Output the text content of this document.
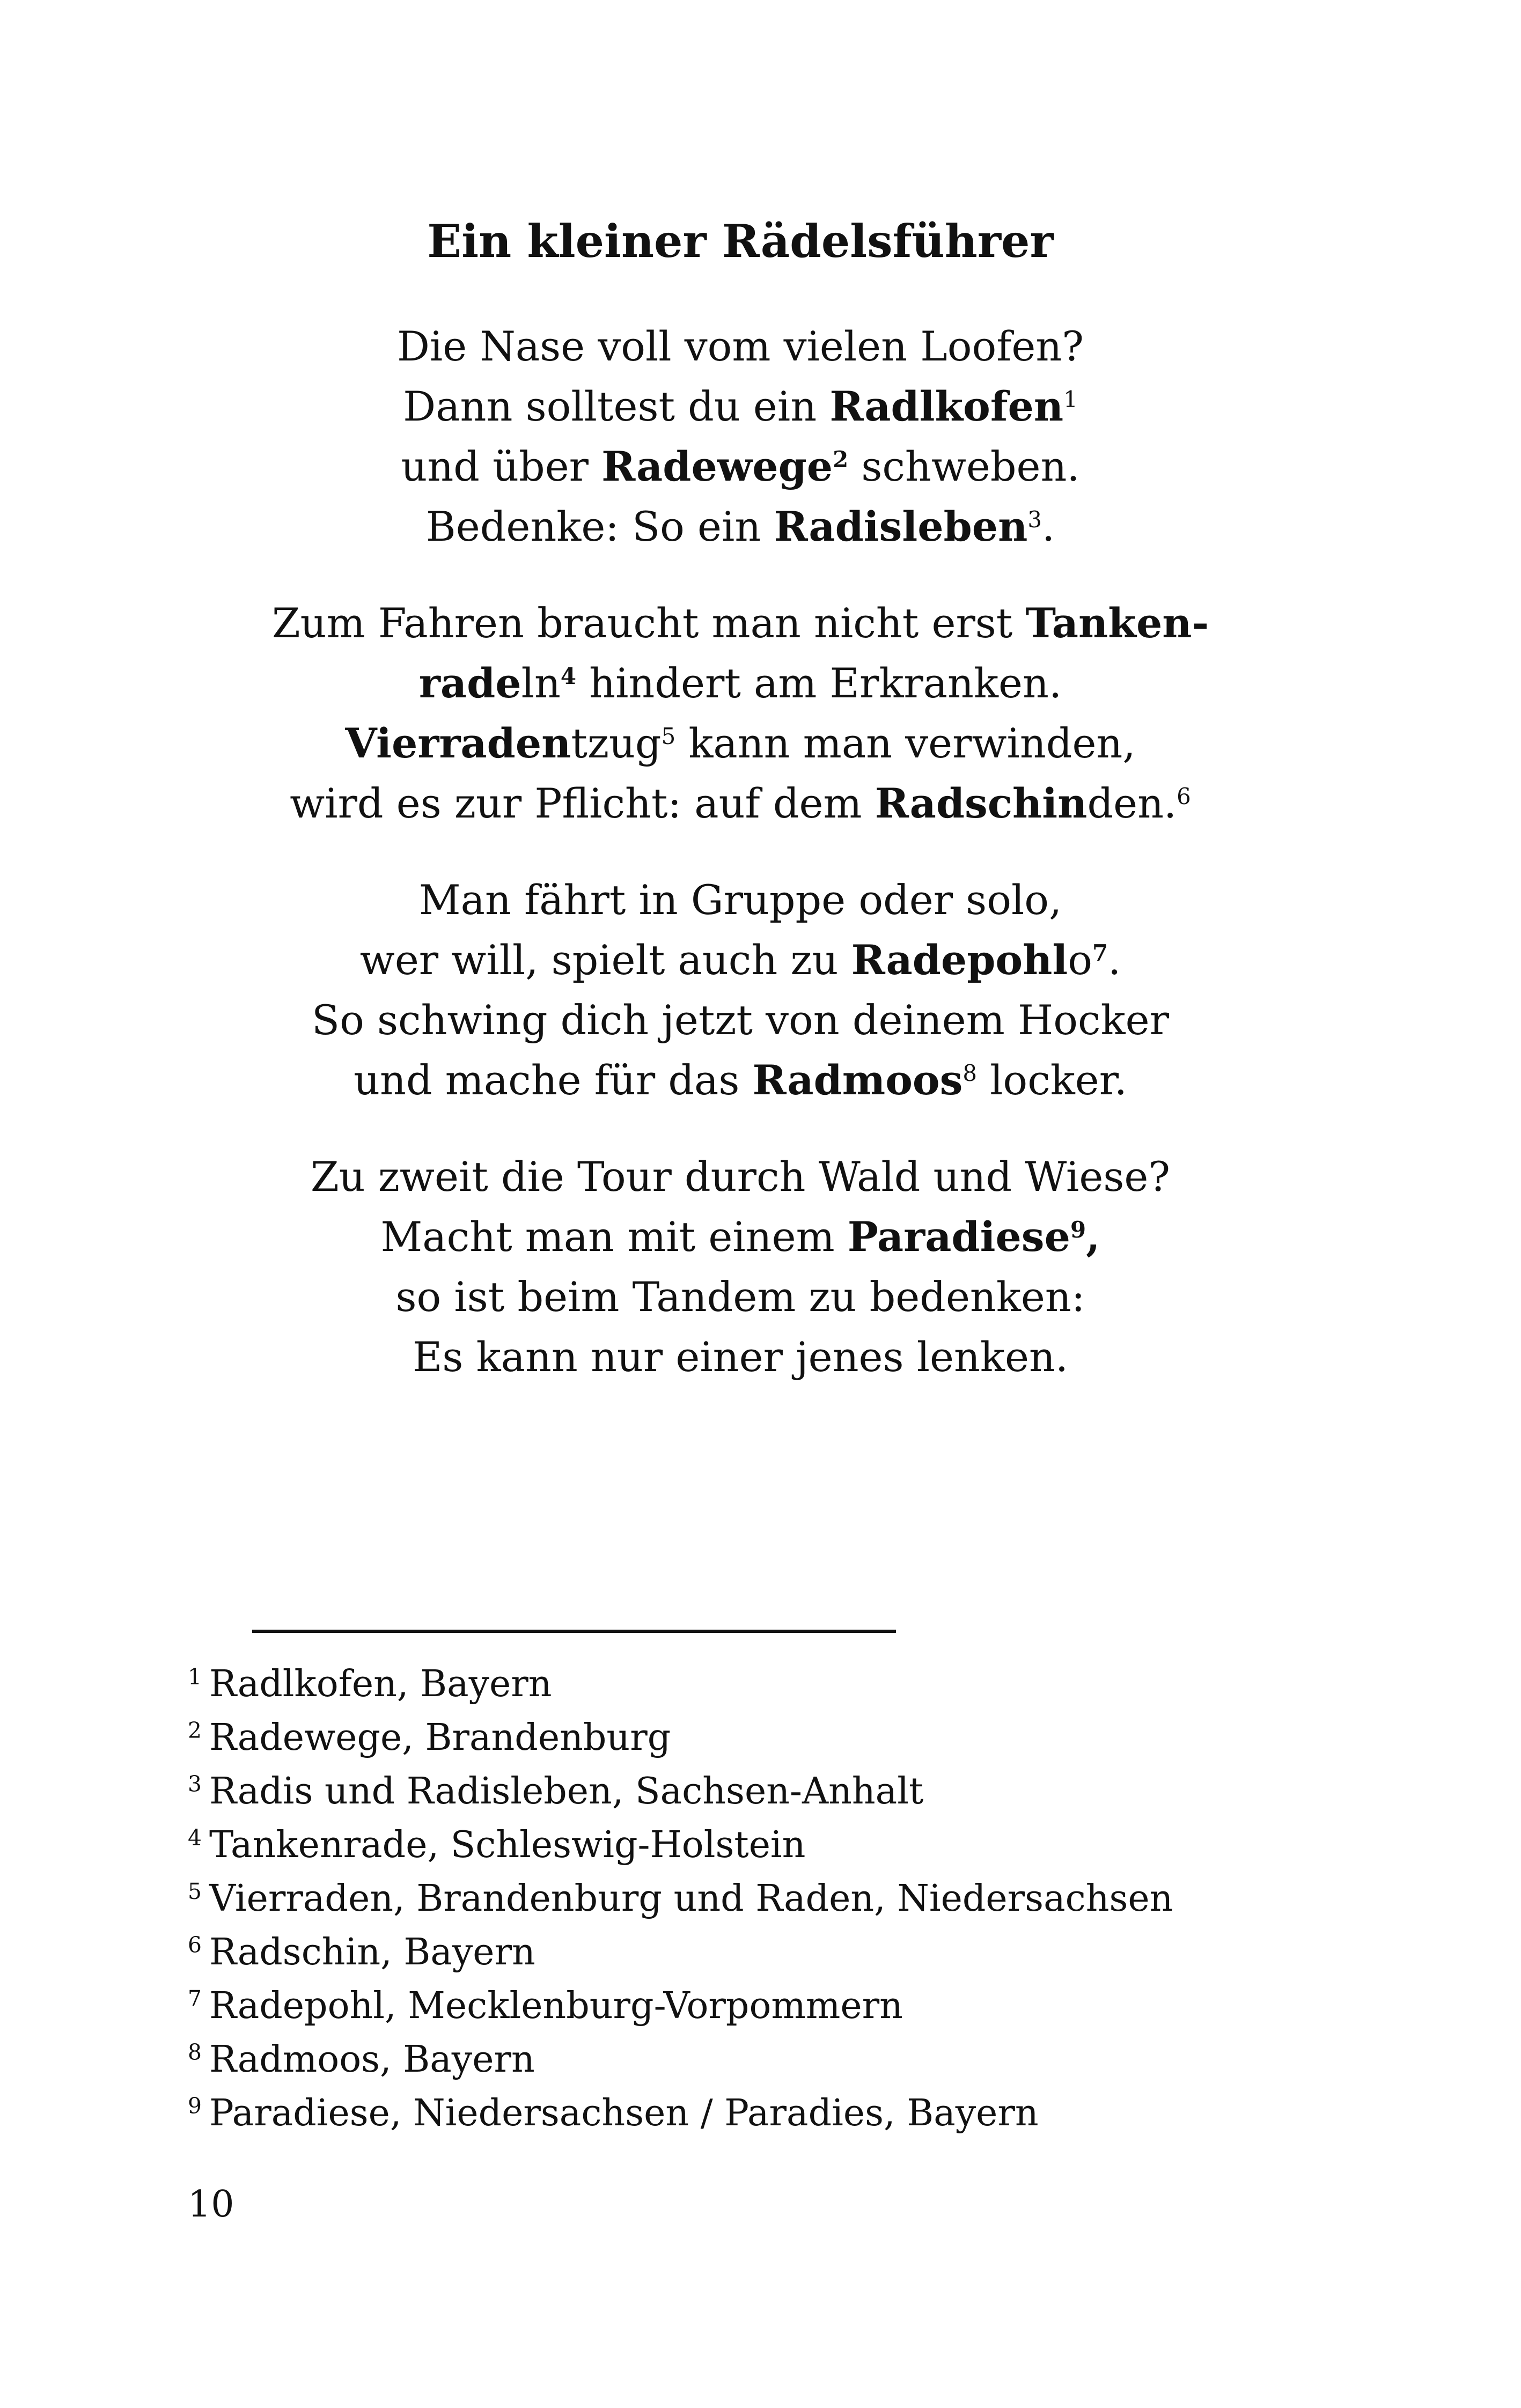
Ein kleiner Rädelsführer
Die Nase voll vom vielen Loofen?
Dann solltest du ein Radlkofen$^1$
und über Radewege$^2$ schweben.
Bedenke: So ein Radisleben$^3$.
Zum Fahren braucht man nicht erst Tanken-
radeln$^4$ hindert am Erkranken.
Vierradentzug$^5$ kann man verwinden,
wird es zur Pflicht: auf dem Radschinden.$^6$
Man fährt in Gruppe oder solo,
wer will, spielt auch zu Radepohlo$^7$.
So schwing dich jetzt von deinem Hocker
und mache für das Radmoos$^8$ locker.
Zu zweit die Tour durch Wald und Wiese?
Macht man mit einem Paradiese$^9$,
so ist beim Tandem zu bedenken:
Es kann nur einer jenes lenken.
$^1$ Radlkofen, Bayern
$^2$ Radewege, Brandenburg
$^3$ Radis und Radisleben, Sachsen-Anhalt
$^4$ Tankenrade, Schleswig-Holstein
$^5$ Vierraden, Brandenburg und Raden, Niedersachsen
$^6$ Radschin, Bayern
$^7$ Radepohl, Mecklenburg-Vorpommern
$^8$ Radmoos, Bayern
$^9$ Paradiese, Niedersachsen / Paradies, Bayern
10
